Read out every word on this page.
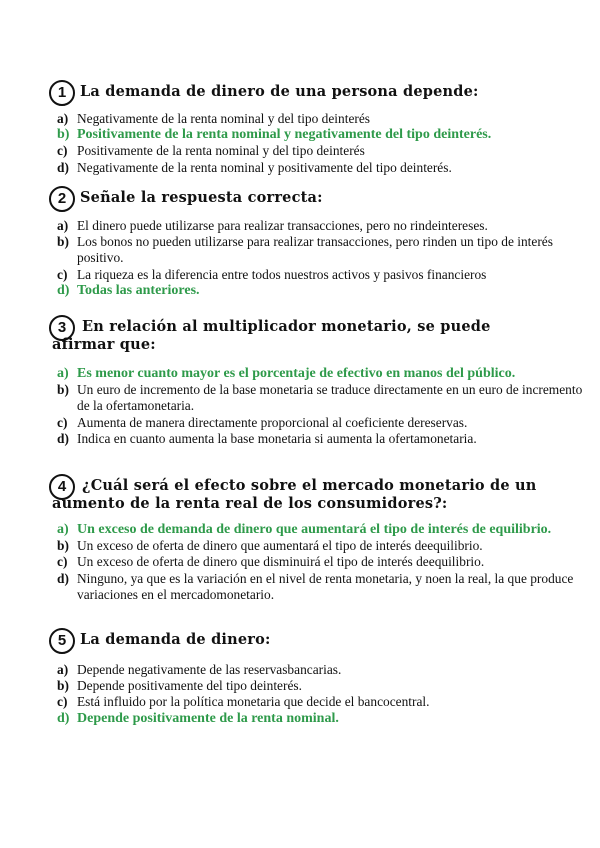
1 La demanda de dinero de una persona depende:
a) Negativamente de la renta nominal y del tipo deinterés
b) Positivamente de la renta nominal y negativamente del tipo deinterés.
c) Positivamente de la renta nominal y del tipo deinterés
d) Negativamente de la renta nominal y positivamente del tipo deinterés.
2 Señale la respuesta correcta:
a) El dinero puede utilizarse para realizar transacciones, pero no rindeintereses.
b) Los bonos no pueden utilizarse para realizar transacciones, pero rinden un tipo de interés positivo.
c) La riqueza es la diferencia entre todos nuestros activos y pasivos financieros
d) Todas las anteriores.
3	En relación al multiplicador monetario, se puede afirmar que:
a) Es menor cuanto mayor es el porcentaje de efectivo en manos del público.
b) Un euro de incremento de la base monetaria se traduce directamente en un euro de incremento de la ofertamonetaria.
c) Aumenta de manera directamente proporcional al coeficiente dereservas.
d) Indica en cuanto aumenta la base monetaria si aumenta la ofertamonetaria.
4	¿Cuál será el efecto sobre el mercado monetario de un aumento de la renta real de los consumidores?:
a) Un exceso de demanda de dinero que aumentará el tipo de interés de equilibrio.
b) Un exceso de oferta de dinero que aumentará el tipo de interés deequilibrio.
c) Un exceso de oferta de dinero que disminuirá el tipo de interés deequilibrio.
d) Ninguno, ya que es la variación en el nivel de renta monetaria, y noen la real, la que produce variaciones en el mercadomonetario.
5 La demanda de dinero:
a) Depende negativamente de las reservasbancarias.
b) Depende positivamente del tipo deinterés.
c) Está influido por la política monetaria que decide el bancocentral.
d) Depende positivamente de la renta nominal.
